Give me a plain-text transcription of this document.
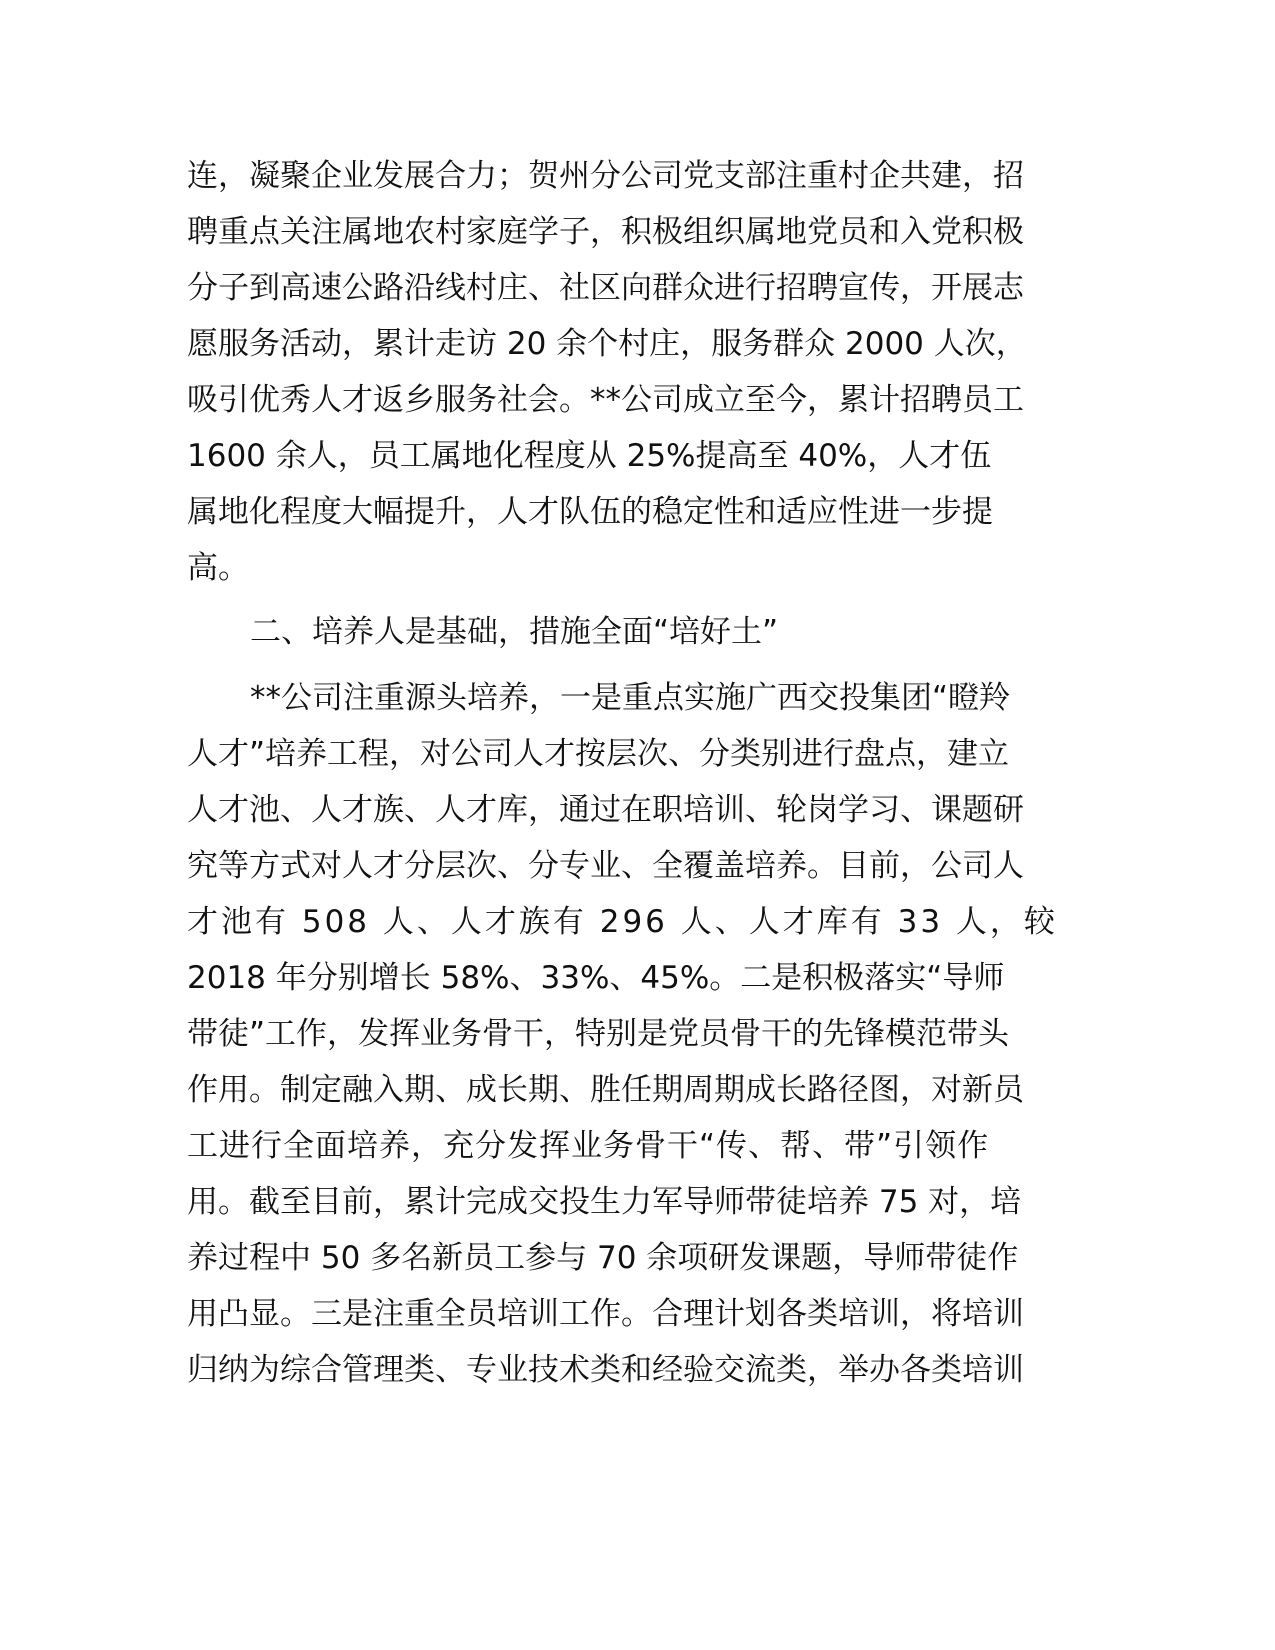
连，凝聚企业发展合力；贺州分公司党支部注重村企共建，招
聘重点关注属地农村家庭学子，积极组织属地党员和入党积极
分子到高速公路沿线村庄、社区向群众进行招聘宣传，开展志
愿服务活动，累计走访 20 余个村庄，服务群众 2000 人次，
吸引优秀人才返乡服务社会。**公司成立至今，累计招聘员工
1600 余人，员工属地化程度从 25%提高至 40%，人才伍
属地化程度大幅提升，人才队伍的稳定性和适应性进一步提
高。
二、培养人是基础，措施全面“培好土”
**公司注重源头培养，一是重点实施广西交投集团“瞪羚
人才”培养工程，对公司人才按层次、分类别进行盘点，建立
人才池、人才族、人才库，通过在职培训、轮岗学习、课题研
究等方式对人才分层次、分专业、全覆盖培养。目前，公司人
才池有 508 人、人才族有 296 人、人才库有 33 人，较
2018 年分别增长 58%、33%、45%。二是积极落实“导师
带徒”工作，发挥业务骨干，特别是党员骨干的先锋模范带头
作用。制定融入期、成长期、胜任期周期成长路径图，对新员
工进行全面培养，充分发挥业务骨干“传、帮、带”引领作
用。截至目前，累计完成交投生力军导师带徒培养 75 对，培
养过程中 50 多名新员工参与 70 余项研发课题，导师带徒作
用凸显。三是注重全员培训工作。合理计划各类培训，将培训
归纳为综合管理类、专业技术类和经验交流类，举办各类培训
